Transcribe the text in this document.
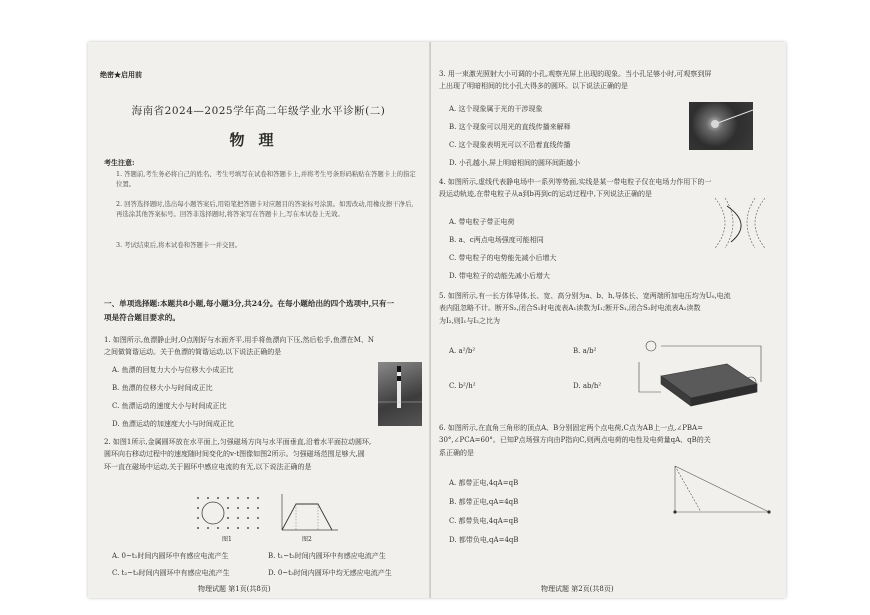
绝密★启用前
海南省2024—2025学年高二年级学业水平诊断(二)
物理
考生注意:
1. 答题前,考生务必将自己的姓名、考生号填写在试卷和答题卡上,并将考生号条形码粘贴在答题卡上的指定位置。
2. 回答选择题时,选出每小题答案后,用铅笔把答题卡对应题目的答案标号涂黑。如需改动,用橡皮擦干净后,再选涂其他答案标号。回答非选择题时,将答案写在答题卡上,写在本试卷上无效。
3. 考试结束后,将本试卷和答题卡一并交回。
一、单项选择题:本题共8小题,每小题3分,共24分。在每小题给出的四个选项中,只有一
项是符合题目要求的。
1. 如图所示,鱼漂静止时,O点刚好与水面齐平,用手将鱼漂向下压,然后松手,鱼漂在M、N
之间做简谐运动。关于鱼漂的简谐运动,以下说法正确的是
A. 鱼漂的回复力大小与位移大小成正比
B. 鱼漂的位移大小与时间成正比
C. 鱼漂运动的速度大小与时间成正比
D. 鱼漂运动的加速度大小与时间成正比
2. 如图1所示,金属圆环放在水平面上,匀强磁场方向与水平面垂直,沿着水平面拉动圆环,
圆环向右移动过程中的速度随时间变化的v-t图像如图2所示。匀强磁场范围足够大,圆
环一直在磁场中运动,关于圆环中感应电流的有无,以下说法正确的是
图1	图2
A. 0~t₁时间内圆环中有感应电流产生	B. t₁~t₂时间内圆环中有感应电流产生
C. t₂~t₃时间内圆环中有感应电流产生	D. 0~t₃时间内圆环中均无感应电流产生
物理试题 第1页(共8页)
3. 用一束激光照射大小可调的小孔,观察光屏上出现的现象。当小孔足够小时,可观察到屏
上出现了明暗相间的比小孔大得多的圆环。以下说法正确的是
A. 这个现象属于光的干涉现象
B. 这个现象可以用光的直线传播来解释
C. 这个现象表明光可以不沿着直线传播
D. 小孔越小,屏上明暗相间的圆环间距越小
4. 如图所示,虚线代表静电场中一系列等势面,实线是某一带电粒子仅在电场力作用下的一
段运动轨迹,在带电粒子从a到b再到c的运动过程中,下列说法正确的是
A. 带电粒子带正电荷
B. a、c两点电场强度可能相同
C. 带电粒子的电势能先减小后增大
D. 带电粒子的动能先减小后增大
5. 如图所示,有一长方体导体,长、宽、高分别为a、b、h,导体长、宽两端所加电压均为U₀,电流
表内阻忽略不计。断开S₂,闭合S₁时电流表A₁读数为I₁;断开S₁,闭合S₂时电流表A₂读数
为I₂,则I₁与I₂之比为
A. a²/b²	B. a/b²
C. b²/h²	D. ab/h²
6. 如图所示,在直角三角形的顶点A、B分别固定两个点电荷,C点为AB上一点,∠PBA=
30°,∠PCA=60°。已知P点场强方向由P指向C,则两点电荷的电性及电荷量qA、qB的关
系正确的是
A. 都带正电,4qA=qB
B. 都带正电,qA=4qB
C. 都带负电,4qA=qB
D. 都带负电,qA=4qB
物理试题 第2页(共8页)
